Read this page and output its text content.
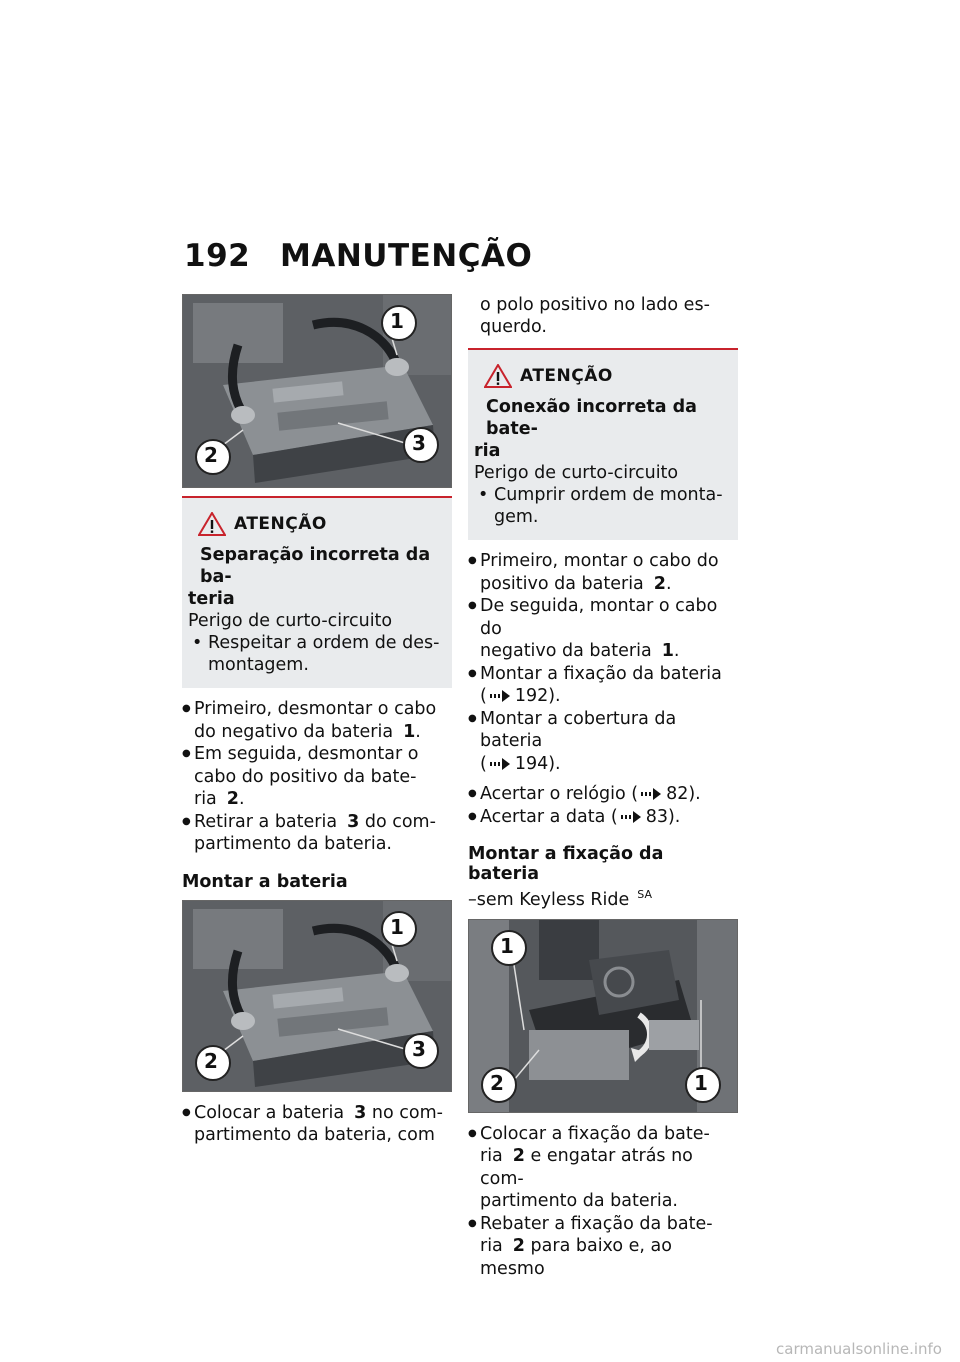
192 MANUTENÇÃO
1
2	3
ATENÇÃO

Separação incorreta da ba-

teria

Perigo de curto-circuito

• Respeitar a ordem de des-

montagem.

● Primeiro, desmontar o cabo
do negativo da bateria 1.
● Em seguida, desmontar o
cabo do positivo da bate-
ria 2.
● Retirar a bateria 3 do com-
partimento da bateria.
Montar a bateria
1
2	3
● Colocar a bateria 3 no com-
partimento da bateria, com

o polo positivo no lado es-

querdo.

ATENÇÃO

Conexão incorreta da bate-

ria

Perigo de curto-circuito

• Cumprir ordem de monta-

gem.

● Primeiro, montar o cabo do
positivo da bateria 2.
● De seguida, montar o cabo do
negativo da bateria 1.
● Montar a fixação da bateria
( 192).
● Montar a cobertura da bateria
( 194).
● Acertar o relógio ( 82).
● Acertar a data ( 83).
Montar a fixação da bateria

–sem Keyless Ride $^{SA}$

1
2	1
● Colocar a fixação da bate-
ria 2 e engatar atrás no com-
partimento da bateria.
● Rebater a fixação da bate-
ria 2 para baixo e, ao mesmo
carmanualsonline.info
